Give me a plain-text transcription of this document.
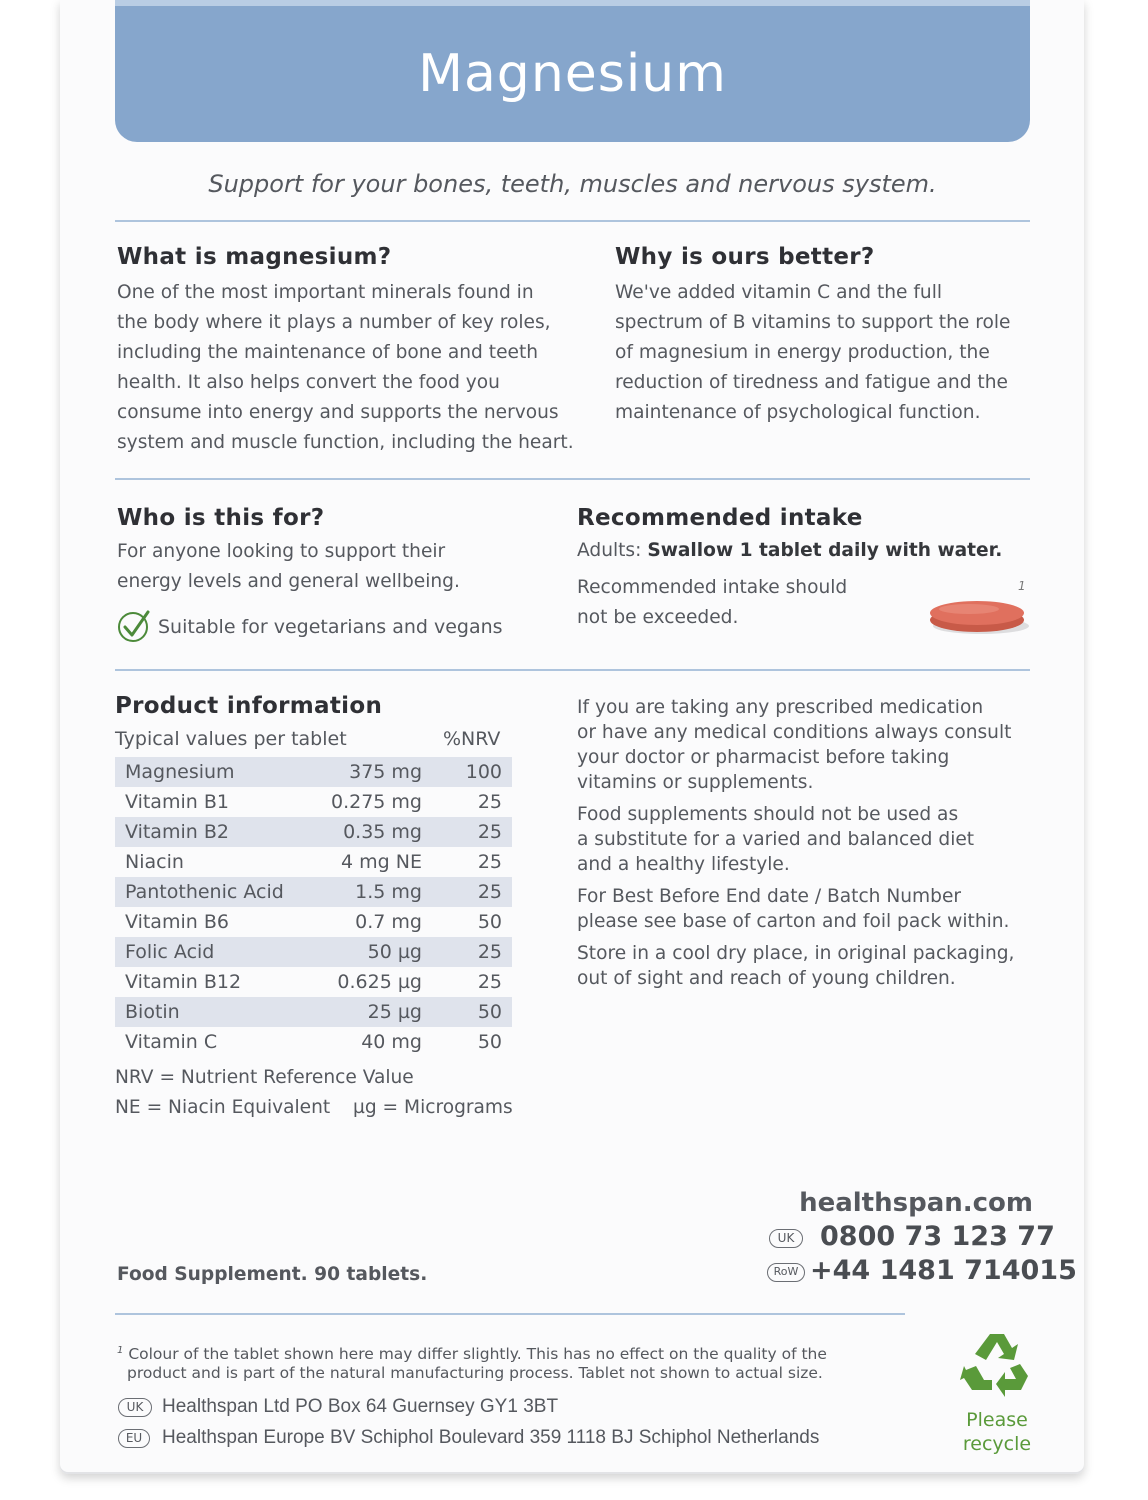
Magnesium
Support for your bones, teeth, muscles and nervous system.
What is magnesium?

One of the most important minerals found in

the body where it plays a number of key roles,

including the maintenance of bone and teeth

health. It also helps convert the food you

consume into energy and supports the nervous

system and muscle function, including the heart.

Why is ours better?

We've added vitamin C and the full

spectrum of B vitamins to support the role

of magnesium in energy production, the

reduction of tiredness and fatigue and the

maintenance of psychological function.

Who is this for?

For anyone looking to support their

energy levels and general wellbeing.

Suitable for vegetarians and vegans
Recommended intake
Adults: Swallow 1 tablet daily with water.

Recommended intake should

not be exceeded.

1
Product information
Typical values per tablet	%NRV
Magnesium	375 mg	100
Vitamin B1	0.275 mg	25
Vitamin B2	0.35 mg	25
Niacin	4 mg NE	25
Pantothenic Acid	1.5 mg	25
Vitamin B6	0.7 mg	50
Folic Acid	50 µg	25
Vitamin B12	0.625 µg	25
Biotin	25 µg	50
Vitamin C	40 mg	50
NRV = Nutrient Reference Value
NE = Niacin Equivalent µg = Micrograms

If you are taking any prescribed medication
or have any medical conditions always consult
your doctor or pharmacist before taking
vitamins or supplements.

Food supplements should not be used as
a substitute for a varied and balanced diet
and a healthy lifestyle.

For Best Before End date / Batch Number
please see base of carton and foil pack within.

Store in a cool dry place, in original packaging,
out of sight and reach of young children.

Food Supplement. 90 tablets.
healthspan.com
UK 0800 73 123 77
RoW +44 1481 714015

$^1$ Colour of the tablet shown here may differ slightly. This has no effect on the quality of the

product and is part of the natural manufacturing process. Tablet not shown to actual size.

UK Healthspan Ltd PO Box 64 Guernsey GY1 3BT
EU	Healthspan Europe BV Schiphol Boulevard 359 1118 BJ Schiphol Netherlands
Please
recycle
